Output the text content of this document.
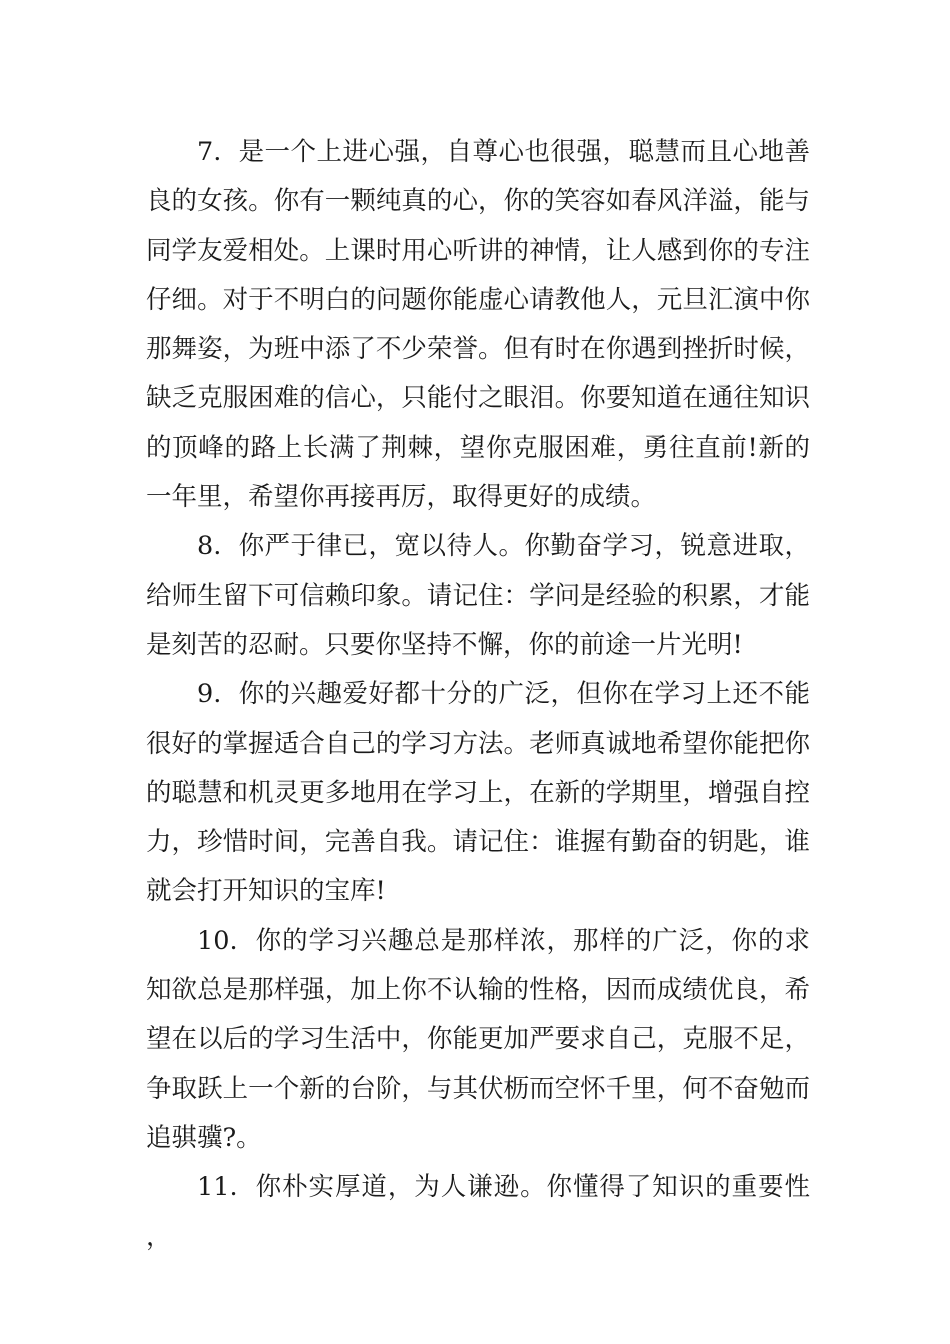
7. 是一个上进心强，自尊心也很强，聪慧而且心地善良的女孩。你有一颗纯真的心，你的笑容如春风洋溢，能与同学友爱相处。上课时用心听讲的神情，让人感到你的专注仔细。对于不明白的问题你能虚心请教他人，元旦汇演中你那舞姿，为班中添了不少荣誉。但有时在你遇到挫折时候，缺乏克服困难的信心，只能付之眼泪。你要知道在通往知识的顶峰的路上长满了荆棘，望你克服困难，勇往直前!新的一年里，希望你再接再厉，取得更好的成绩。

8. 你严于律已，宽以待人。你勤奋学习，锐意进取，给师生留下可信赖印象。请记住：学问是经验的积累，才能是刻苦的忍耐。只要你坚持不懈，你的前途一片光明!

9. 你的兴趣爱好都十分的广泛，但你在学习上还不能很好的掌握适合自己的学习方法。老师真诚地希望你能把你的聪慧和机灵更多地用在学习上，在新的学期里，增强自控力，珍惜时间，完善自我。请记住：谁握有勤奋的钥匙，谁就会打开知识的宝库!

10. 你的学习兴趣总是那样浓，那样的广泛，你的求知欲总是那样强，加上你不认输的性格，因而成绩优良，希望在以后的学习生活中，你能更加严要求自己，克服不足，争取跃上一个新的台阶，与其伏枥而空怀千里，何不奋勉而追骐骥?。

11. 你朴实厚道，为人谦逊。你懂得了知识的重要性，
